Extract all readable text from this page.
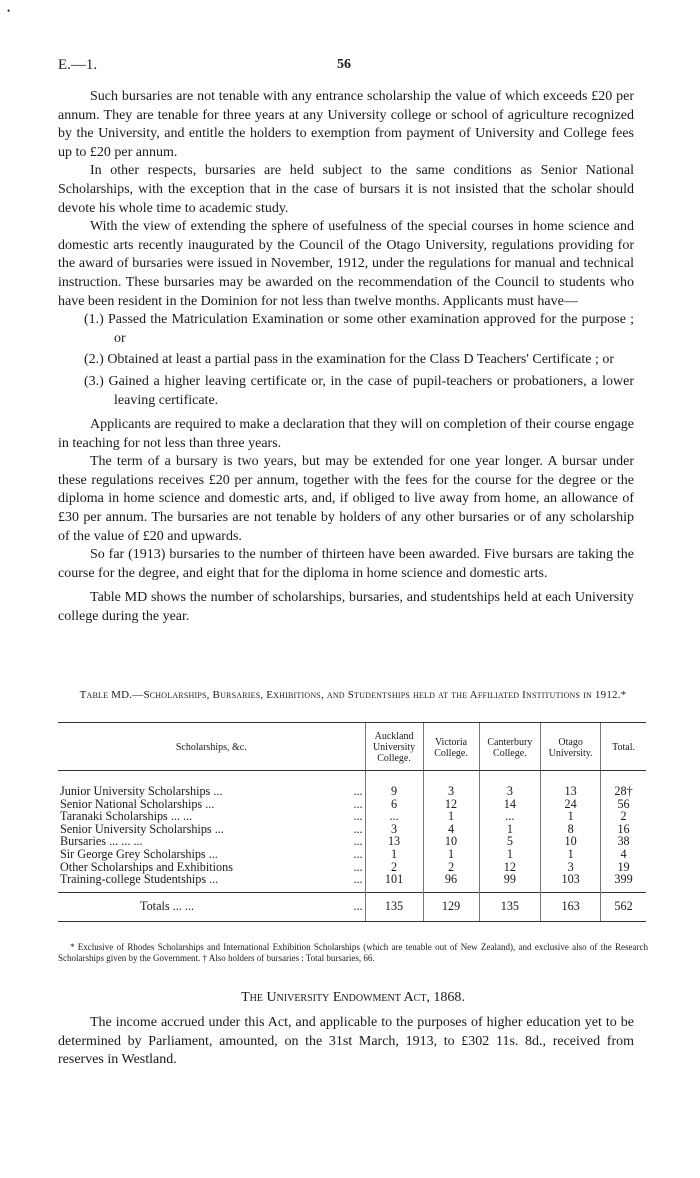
•
E.—1.	56

Such bursaries are not tenable with any entrance scholarship the value of which exceeds £20 per annum. They are tenable for three years at any University college or school of agriculture recognized by the University, and entitle the holders to exemption from payment of University and College fees up to £20 per annum.

In other respects, bursaries are held subject to the same conditions as Senior National Scholarships, with the exception that in the case of bursars it is not insisted that the scholar should devote his whole time to academic study.

With the view of extending the sphere of usefulness of the special courses in home science and domestic arts recently inaugurated by the Council of the Otago University, regulations providing for the award of bursaries were issued in November, 1912, under the regulations for manual and technical instruction. These bursaries may be awarded on the recommendation of the Council to students who have been resident in the Dominion for not less than twelve months. Applicants must have—

(1.) Passed the Matriculation Examination or some other examination approved for the purpose ; or
(2.) Obtained at least a partial pass in the examination for the Class D Teachers' Certificate ; or
(3.) Gained a higher leaving certificate or, in the case of pupil-teachers or probationers, a lower leaving certificate.

Applicants are required to make a declaration that they will on completion of their course engage in teaching for not less than three years.

The term of a bursary is two years, but may be extended for one year longer. A bursar under these regulations receives £20 per annum, together with the fees for the course for the degree or the diploma in home science and domestic arts, and, if obliged to live away from home, an allowance of £30 per annum. The bursaries are not tenable by holders of any other bursaries or of any scholarship of the value of £20 and upwards.

So far (1913) bursaries to the number of thirteen have been awarded. Five bursars are taking the course for the degree, and eight that for the diploma in home science and domestic arts.

Table MD shows the number of scholarships, bursaries, and studentships held at each University college during the year.

Table MD.—Scholarships, Bursaries, Exhibitions, and Studentships held at the Affiliated Institutions in 1912.*
Scholarships, &c.		Auckland University College.	Victoria College.	Canterbury College.	Otago University.	Total.
Junior University Scholarships ...	...	9	3	3	13	28†
Senior National Scholarships ...	...	6	12	14	24	56
Taranaki Scholarships ... ...	...	...	1	...	1	2
Senior University Scholarships ...	...	3	4	1	8	16
Bursaries ... ... ...	...	13	10	5	10	38
Sir George Grey Scholarships ...	...	1	1	1	1	4
Other Scholarships and Exhibitions	...	2	2	12	3	19
Training-college Studentships ...	...	101	96	99	103	399
Totals ... ...	...	135	129	135	163	562

* Exclusive of Rhodes Scholarships and International Exhibition Scholarships (which are tenable out of New Zealand), and exclusive also of the Research Scholarships given by the Government. † Also holders of bursaries : Total bursaries, 66.

The University Endowment Act, 1868.

The income accrued under this Act, and applicable to the purposes of higher education yet to be determined by Parliament, amounted, on the 31st March, 1913, to £302 11s. 8d., received from reserves in Westland.
